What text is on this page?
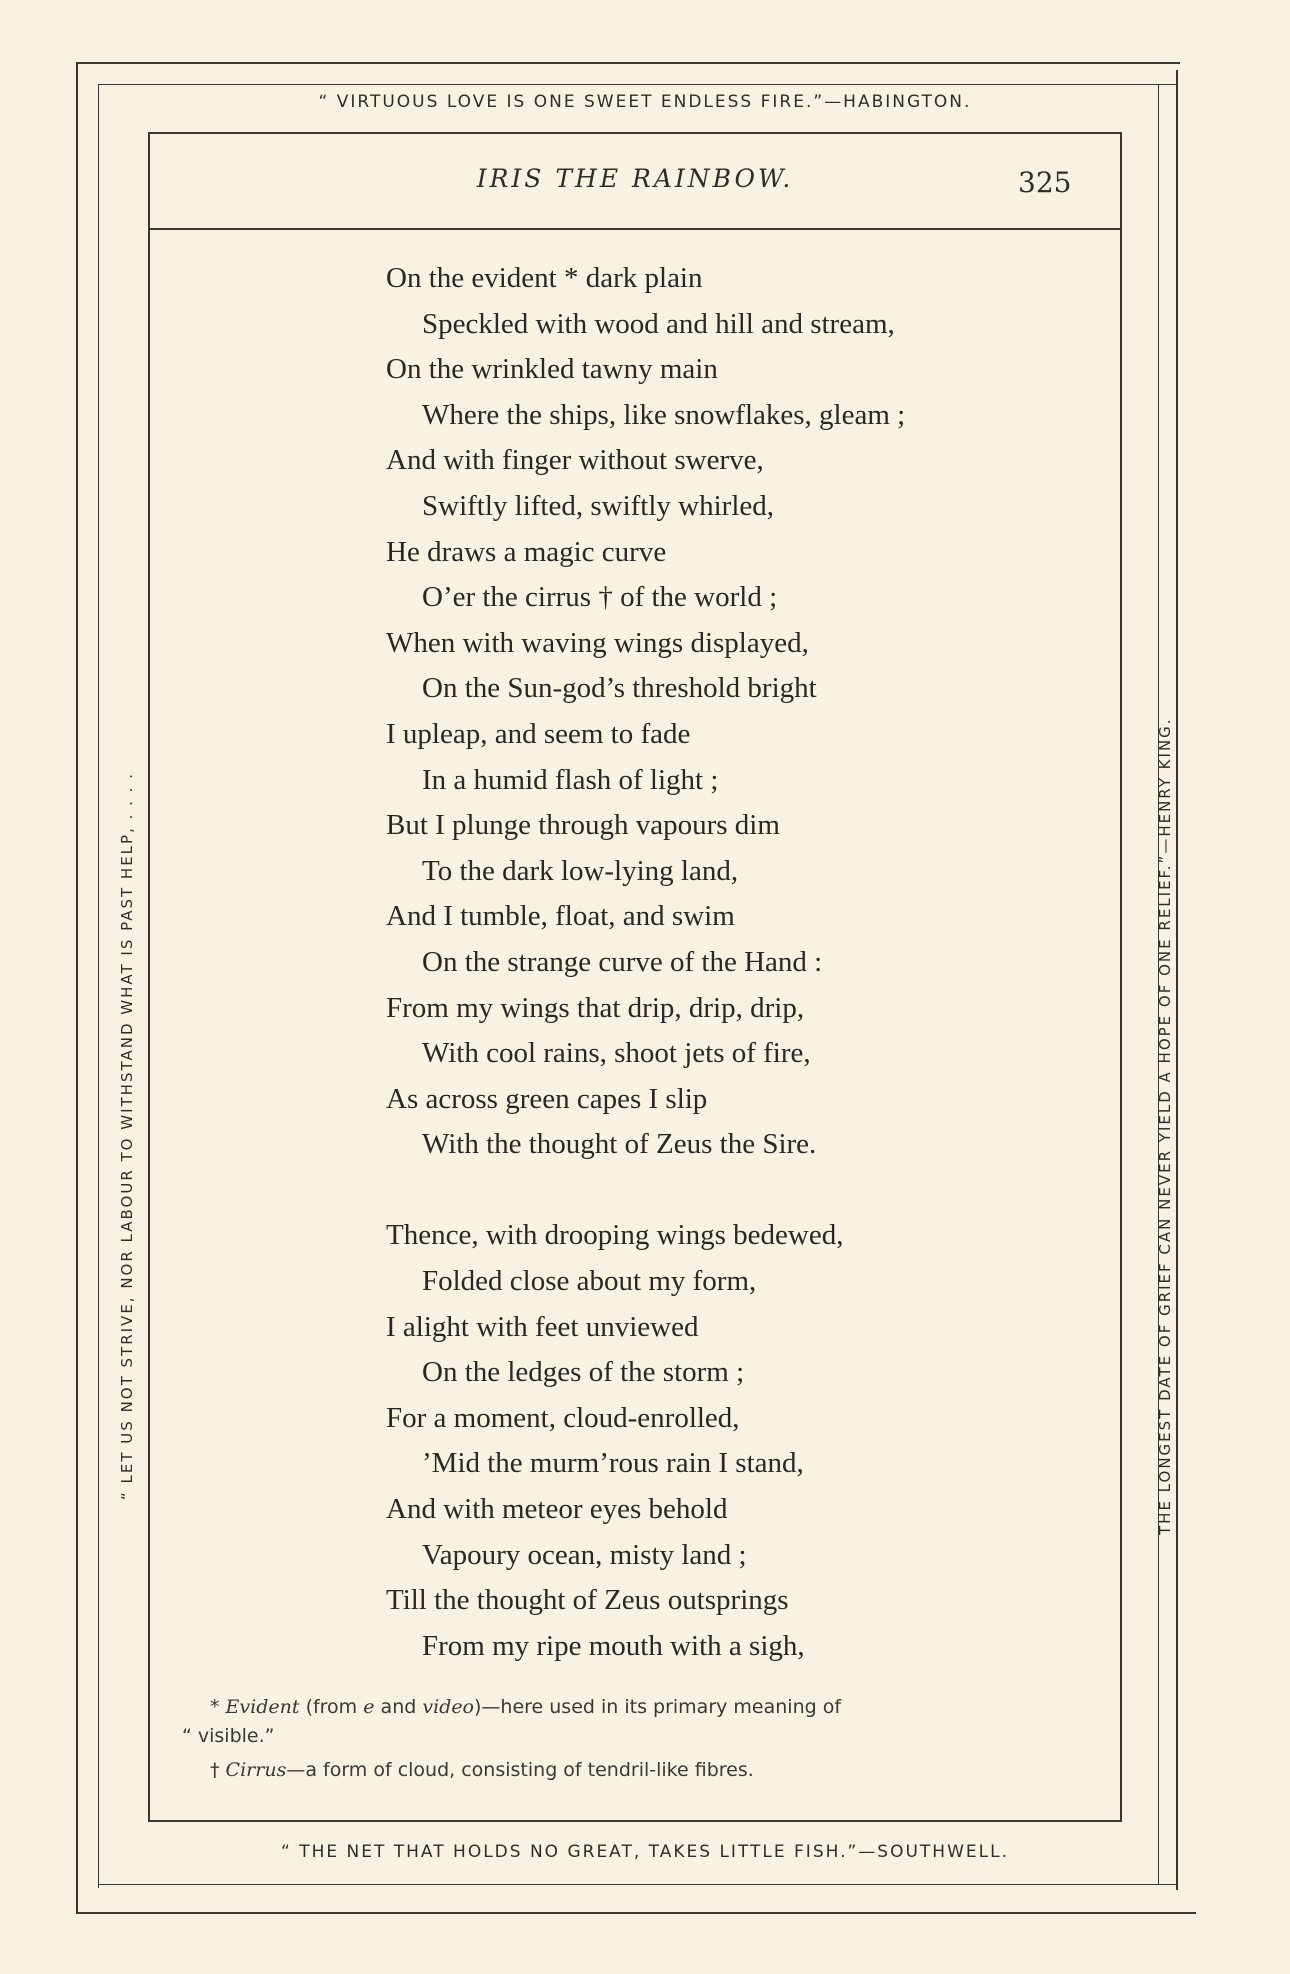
“ VIRTUOUS LOVE IS ONE SWEET ENDLESS FIRE.”—HABINGTON.
“ LET US NOT STRIVE, NOR LABOUR TO WITHSTAND WHAT IS PAST HELP, . . . .	THE LONGEST DATE OF GRIEF CAN NEVER YIELD A HOPE OF ONE RELIEF.”—HENRY KING.
“ THE NET THAT HOLDS NO GREAT, TAKES LITTLE FISH.”—SOUTHWELL.
IRIS THE RAINBOW.	325
On the evident * dark plain
Speckled with wood and hill and stream,
On the wrinkled tawny main
Where the ships, like snowflakes, gleam ;
And with finger without swerve,
Swiftly lifted, swiftly whirled,
He draws a magic curve
O’er the cirrus † of the world ;
When with waving wings displayed,
On the Sun-god’s threshold bright
I upleap, and seem to fade
In a humid flash of light ;
But I plunge through vapours dim
To the dark low-lying land,
And I tumble, float, and swim
On the strange curve of the Hand :
From my wings that drip, drip, drip,
With cool rains, shoot jets of fire,
As across green capes I slip
With the thought of Zeus the Sire.
Thence, with drooping wings bedewed,
Folded close about my form,
I alight with feet unviewed
On the ledges of the storm ;
For a moment, cloud-enrolled,
’Mid the murm’rous rain I stand,
And with meteor eyes behold
Vapoury ocean, misty land ;
Till the thought of Zeus outsprings
From my ripe mouth with a sigh,

* Evident (from e and video)—here used in its primary meaning of

“ visible.”

† Cirrus—a form of cloud, consisting of tendril-like fibres.
